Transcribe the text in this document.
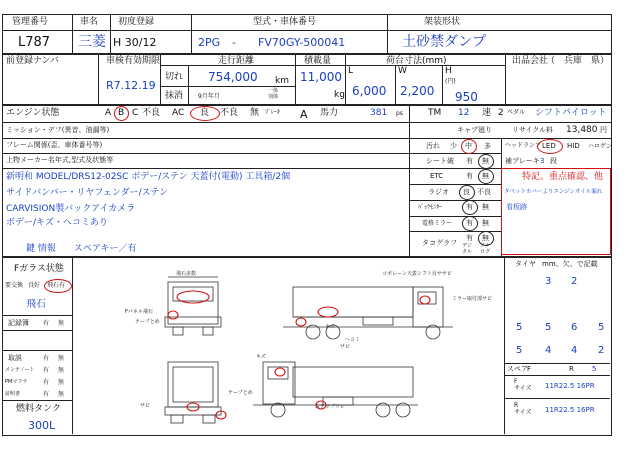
管理番号
L787
車名
三菱
初度登録
H 30/12
型式・車体番号
2PG - FV70GY-500041
架装形状
土砂禁ダンプ
前登録ナンバ	車検有効期限
R7.12.19
切れ
抹消 9月年月
走行距離
754,000 km
一体
別体
積載量
11,000
kg
荷台寸法(mm)
L
6,000
W
2,200
H
(円)
950
出品会社
（　兵庫　県）
エンジン状態	A B C 不良 AC 良 不良 無 ﾌﾞﾚｰｷ A 馬力	381 ps	TM 12 速 2 ペダル シフトパイロット
ミッション・デフ(異音、油漏等)
フレーム関係(歪、車体番号等)
上物メーカー名年式,型式及状態等
新明和 MODEL/DRS12-02SC ボデー/ステン 天蓋付(電動) 工具箱/2個
サイドバンパー・リヤフェンダー/ステン
CARVISION製バックアイカメラ
ボデー/キズ・ヘコミあり
鍵 情報　　スペアキー／有
キャブ廻り	リサイクル料 13,480 円
汚れ 少 中 多 ヘッドランプ LED HID ハロゲン
シート破 有 無 補ブレーキ 3 段
ETC	有 無	特記、重点確認、他
ラジオ 良 不良 タペットカバーよりエンジンオイル漏れ
ﾊﾞｯｸﾓﾆﾀｰ	有 無 看板跡
電格ミラー 有 無
タコグラフ
有 無
デジ
タル
アナ
ログ
Fガラス状態
要交換 良好 飛石有
飛石
記録簿 有 無
取説	有 無
メンテノート 有 無
PMマフラ	有 無
証明書	有 無
燃料タンク
300L
飛石多数
Fパネル飛石
テープとめ
コボレーン天蓋シフト目ササビ
ミラー取付部サビ
キズ
ヘコミ
サビ
キズ
テープとめ
サビ	ステップワレ
タイヤ mm、欠、で記載
3 2
5 5 6 5
5 4 4 2
スペア F	R	5
F
サイズ 11R22.5 16PR
R
サイズ 11R22.5 16PR
